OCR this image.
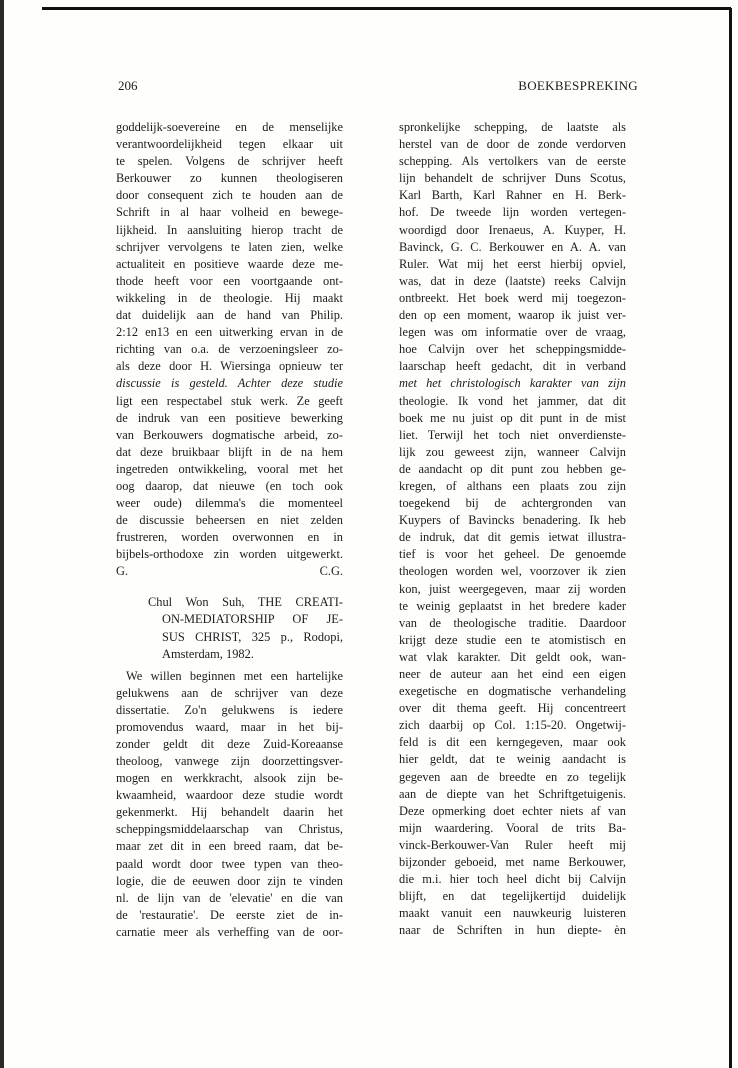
206	BOEKBESPREKING
goddelijk-soevereine en de menselijke
verantwoordelijkheid tegen elkaar uit
te spelen. Volgens de schrijver heeft
Berkouwer zo kunnen theologiseren
door consequent zich te houden aan de
Schrift in al haar volheid en bewege-
lijkheid. In aansluiting hierop tracht de
schrijver vervolgens te laten zien, welke
actualiteit en positieve waarde deze me-
thode heeft voor een voortgaande ont-
wikkeling in de theologie. Hij maakt
dat duidelijk aan de hand van Philip.
2:12 en13 en een uitwerking ervan in de
richting van o.a. de verzoeningsleer zo-
als deze door H. Wiersinga opnieuw ter
discussie is gesteld. Achter deze studie
ligt een respectabel stuk werk. Ze geeft
de indruk van een positieve bewerking
van Berkouwers dogmatische arbeid, zo-
dat deze bruikbaar blijft in de na hem
ingetreden ontwikkeling, vooral met het
oog daarop, dat nieuwe (en toch ook
weer oude) dilemma's die momenteel
de discussie beheersen en niet zelden
frustreren, worden overwonnen en in
bijbels-orthodoxe zin worden uitgewerkt.
G.	C.G.
Chul Won Suh, THE CREATI-
ON-MEDIATORSHIP OF JE-
SUS CHRIST, 325 p., Rodopi,
Amsterdam, 1982.
We willen beginnen met een hartelijke
gelukwens aan de schrijver van deze
dissertatie. Zo'n gelukwens is iedere
promovendus waard, maar in het bij-
zonder geldt dit deze Zuid-Koreaanse
theoloog, vanwege zijn doorzettingsver-
mogen en werkkracht, alsook zijn be-
kwaamheid, waardoor deze studie wordt
gekenmerkt. Hij behandelt daarin het
scheppingsmiddelaarschap van Christus,
maar zet dit in een breed raam, dat be-
paald wordt door twee typen van theo-
logie, die de eeuwen door zijn te vinden
nl. de lijn van de 'elevatie' en die van
de 'restauratie'. De eerste ziet de in-
carnatie meer als verheffing van de oor-
spronkelijke schepping, de laatste als
herstel van de door de zonde verdorven
schepping. Als vertolkers van de eerste
lijn behandelt de schrijver Duns Scotus,
Karl Barth, Karl Rahner en H. Berk-
hof. De tweede lijn worden vertegen-
woordigd door Irenaeus, A. Kuyper, H.
Bavinck, G. C. Berkouwer en A. A. van
Ruler. Wat mij het eerst hierbij opviel,
was, dat in deze (laatste) reeks Calvijn
ontbreekt. Het boek werd mij toegezon-
den op een moment, waarop ik juist ver-
legen was om informatie over de vraag,
hoe Calvijn over het scheppingsmidde-
laarschap heeft gedacht, dit in verband
met het christologisch karakter van zijn
theologie. Ik vond het jammer, dat dit
boek me nu juist op dit punt in de mist
liet. Terwijl het toch niet onverdienste-
lijk zou geweest zijn, wanneer Calvijn
de aandacht op dit punt zou hebben ge-
kregen, of althans een plaats zou zijn
toegekend bij de achtergronden van
Kuypers of Bavincks benadering. Ik heb
de indruk, dat dit gemis ietwat illustra-
tief is voor het geheel. De genoemde
theologen worden wel, voorzover ik zien
kon, juist weergegeven, maar zij worden
te weinig geplaatst in het bredere kader
van de theologische traditie. Daardoor
krijgt deze studie een te atomistisch en
wat vlak karakter. Dit geldt ook, wan-
neer de auteur aan het eind een eigen
exegetische en dogmatische verhandeling
over dit thema geeft. Hij concentreert
zich daarbij op Col. 1:15-20. Ongetwij-
feld is dit een kerngegeven, maar ook
hier geldt, dat te weinig aandacht is
gegeven aan de breedte en zo tegelijk
aan de diepte van het Schriftgetuigenis.
Deze opmerking doet echter niets af van
mijn waardering. Vooral de trits Ba-
vinck-Berkouwer-Van Ruler heeft mij
bijzonder geboeid, met name Berkouwer,
die m.i. hier toch heel dicht bij Calvijn
blijft, en dat tegelijkertijd duidelijk
maakt vanuit een nauwkeurig luisteren
naar de Schriften in hun diepte- èn
